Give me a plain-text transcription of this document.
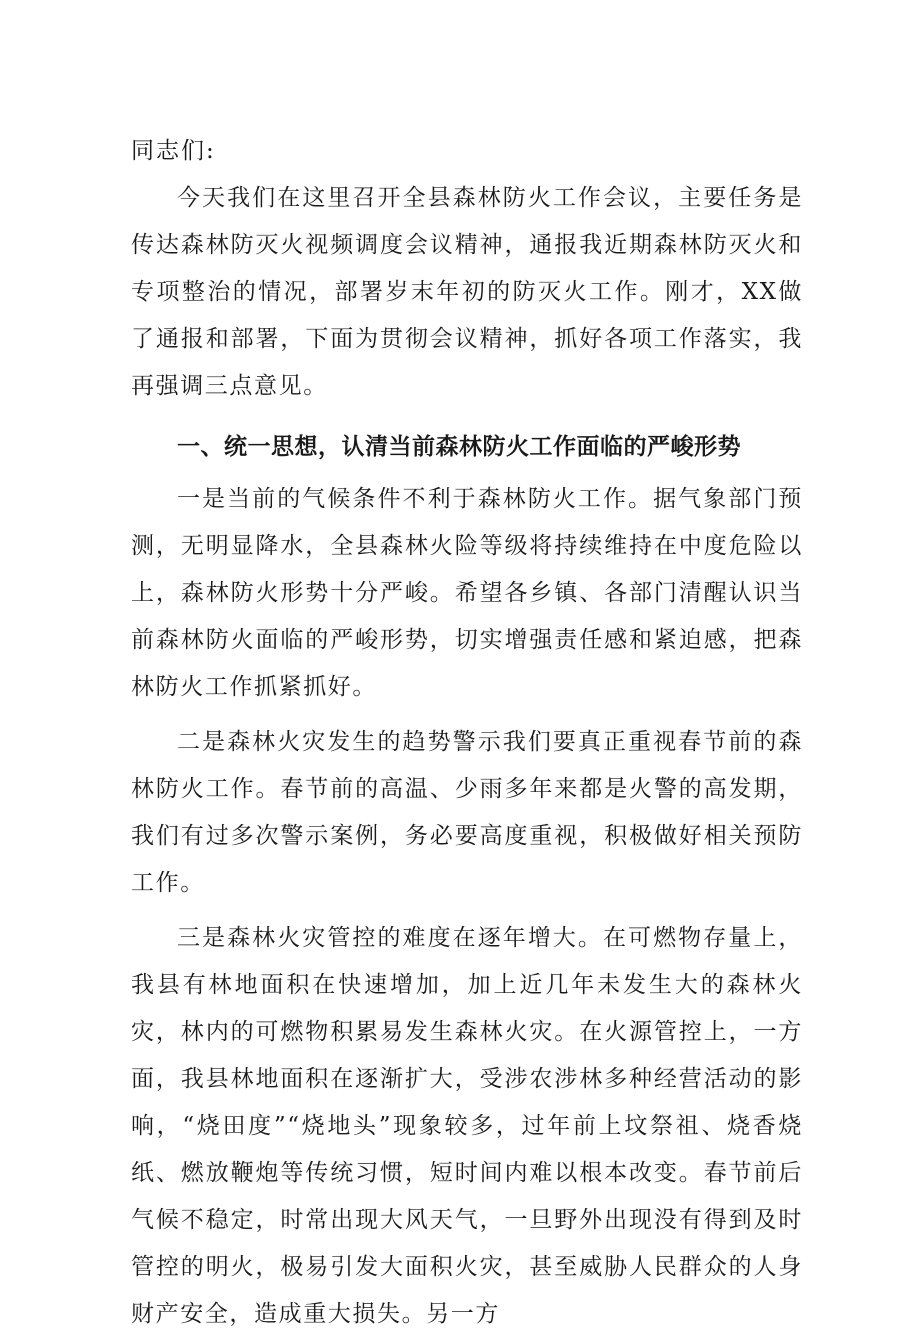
同志们:

今天我们在这里召开全县森林防火工作会议，主要任务是传达森林防灭火视频调度会议精神，通报我近期森林防灭火和专项整治的情况，部署岁末年初的防灭火工作。刚才，XX做了通报和部署，下面为贯彻会议精神，抓好各项工作落实，我再强调三点意见。

一、统一思想，认清当前森林防火工作面临的严峻形势

一是当前的气候条件不利于森林防火工作。据气象部门预测，无明显降水，全县森林火险等级将持续维持在中度危险以上，森林防火形势十分严峻。希望各乡镇、各部门清醒认识当前森林防火面临的严峻形势，切实增强责任感和紧迫感，把森林防火工作抓紧抓好。

二是森林火灾发生的趋势警示我们要真正重视春节前的森林防火工作。春节前的高温、少雨多年来都是火警的高发期，我们有过多次警示案例，务必要高度重视，积极做好相关预防工作。

三是森林火灾管控的难度在逐年增大。在可燃物存量上，我县有林地面积在快速增加，加上近几年未发生大的森林火灾，林内的可燃物积累易发生森林火灾。在火源管控上，一方面，我县林地面积在逐渐扩大，受涉农涉林多种经营活动的影响，“烧田度”“烧地头”现象较多，过年前上坟祭祖、烧香烧纸、燃放鞭炮等传统习惯，短时间内难以根本改变。春节前后气候不稳定，时常出现大风天气，一旦野外出现没有得到及时管控的明火，极易引发大面积火灾，甚至威胁人民群众的人身财产安全，造成重大损失。另一方
